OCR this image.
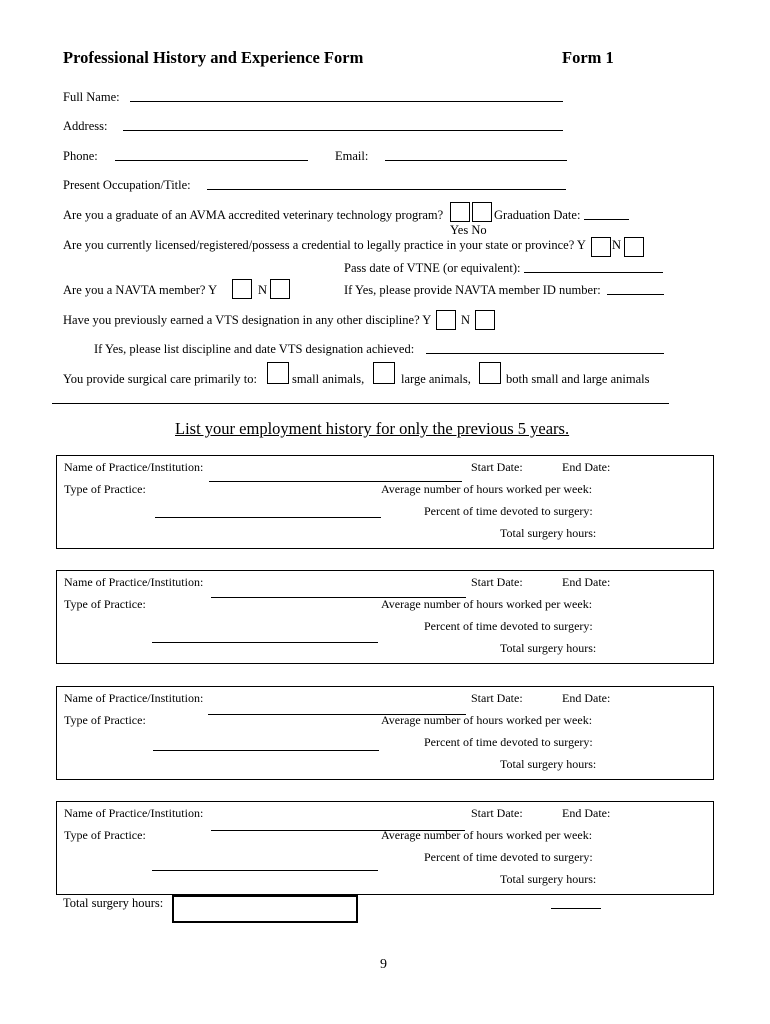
Professional History and Experience Form	Form 1
Full Name:
Address:
Phone:	Email:
Present Occupation/Title:
Are you a graduate of an AVMA accredited veterinary technology program?	Graduation Date:
Yes No
Are you currently licensed/registered/possess a credential to legally practice in your state or province? Y N
Pass date of VTNE (or equivalent):
Are you a NAVTA member? Y	N	If Yes, please provide NAVTA member ID number:
Have you previously earned a VTS designation in any other discipline? Y N
If Yes, please list discipline and date VTS designation achieved:
You provide surgical care primarily to:	small animals,	large animals,	both small and large animals
List your employment history for only the previous 5 years.
Name of Practice/Institution:	Start Date:	End Date:
Type of Practice:	Average number of hours worked per week:
Percent of time devoted to surgery:
Total surgery hours:
Name of Practice/Institution:	Start Date:	End Date:
Type of Practice:	Average number of hours worked per week:
Percent of time devoted to surgery:
Total surgery hours:
Name of Practice/Institution:	Start Date:	End Date:
Type of Practice:	Average number of hours worked per week:
Percent of time devoted to surgery:
Total surgery hours:
Name of Practice/Institution:	Start Date:	End Date:
Type of Practice:	Average number of hours worked per week:
Percent of time devoted to surgery:
Total surgery hours:
Total surgery hours:
9
